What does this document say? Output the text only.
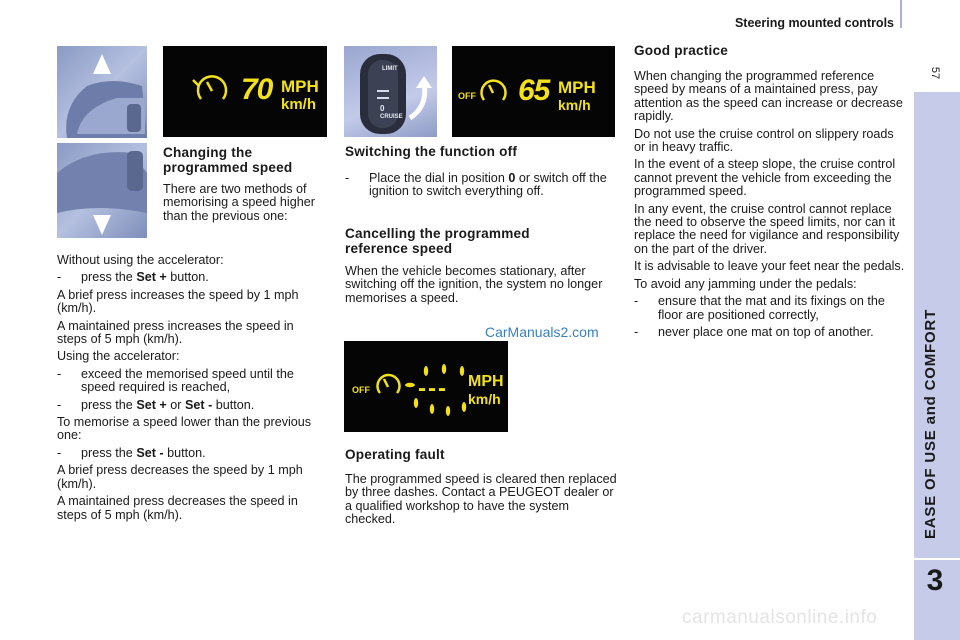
Steering mounted controls
57
EASE OF USE and COMFORT
3
70 MPH
km/h
Changing the programmed speed

There are two methods of memorising a speed higher than the previous one:

Without using the accelerator:

- press the Set + button.

A brief press increases the speed by 1 mph (km/h).

A maintained press increases the speed in steps of 5 mph (km/h).

Using the accelerator:

- exceed the memorised speed until the speed required is reached,

- press the Set + or Set - button.

To memorise a speed lower than the previous one:

- press the Set - button.

A brief press decreases the speed by 1 mph (km/h).

A maintained press decreases the speed in steps of 5 mph (km/h).

LIMIT
0
CRUISE
OFF 65 MPH
km/h
Switching the function off

- Place the dial in position 0 or switch off the ignition to switch everything off.

Cancelling the programmed reference speed

When the vehicle becomes stationary, after switching off the ignition, the system no longer memorises a speed.

CarManuals2.com
OFF --- MPH
km/h
Operating fault

The programmed speed is cleared then replaced by three dashes. Contact a PEUGEOT dealer or a qualified workshop to have the system checked.

Good practice

When changing the programmed reference speed by means of a maintained press, pay attention as the speed can increase or decrease rapidly.

Do not use the cruise control on slippery roads or in heavy traffic.

In the event of a steep slope, the cruise control cannot prevent the vehicle from exceeding the programmed speed.

In any event, the cruise control cannot replace the need to observe the speed limits, nor can it replace the need for vigilance and responsibility on the part of the driver.

It is advisable to leave your feet near the pedals.

To avoid any jamming under the pedals:

- ensure that the mat and its fixings on the floor are positioned correctly,

- never place one mat on top of another.

carmanualsonline.info
